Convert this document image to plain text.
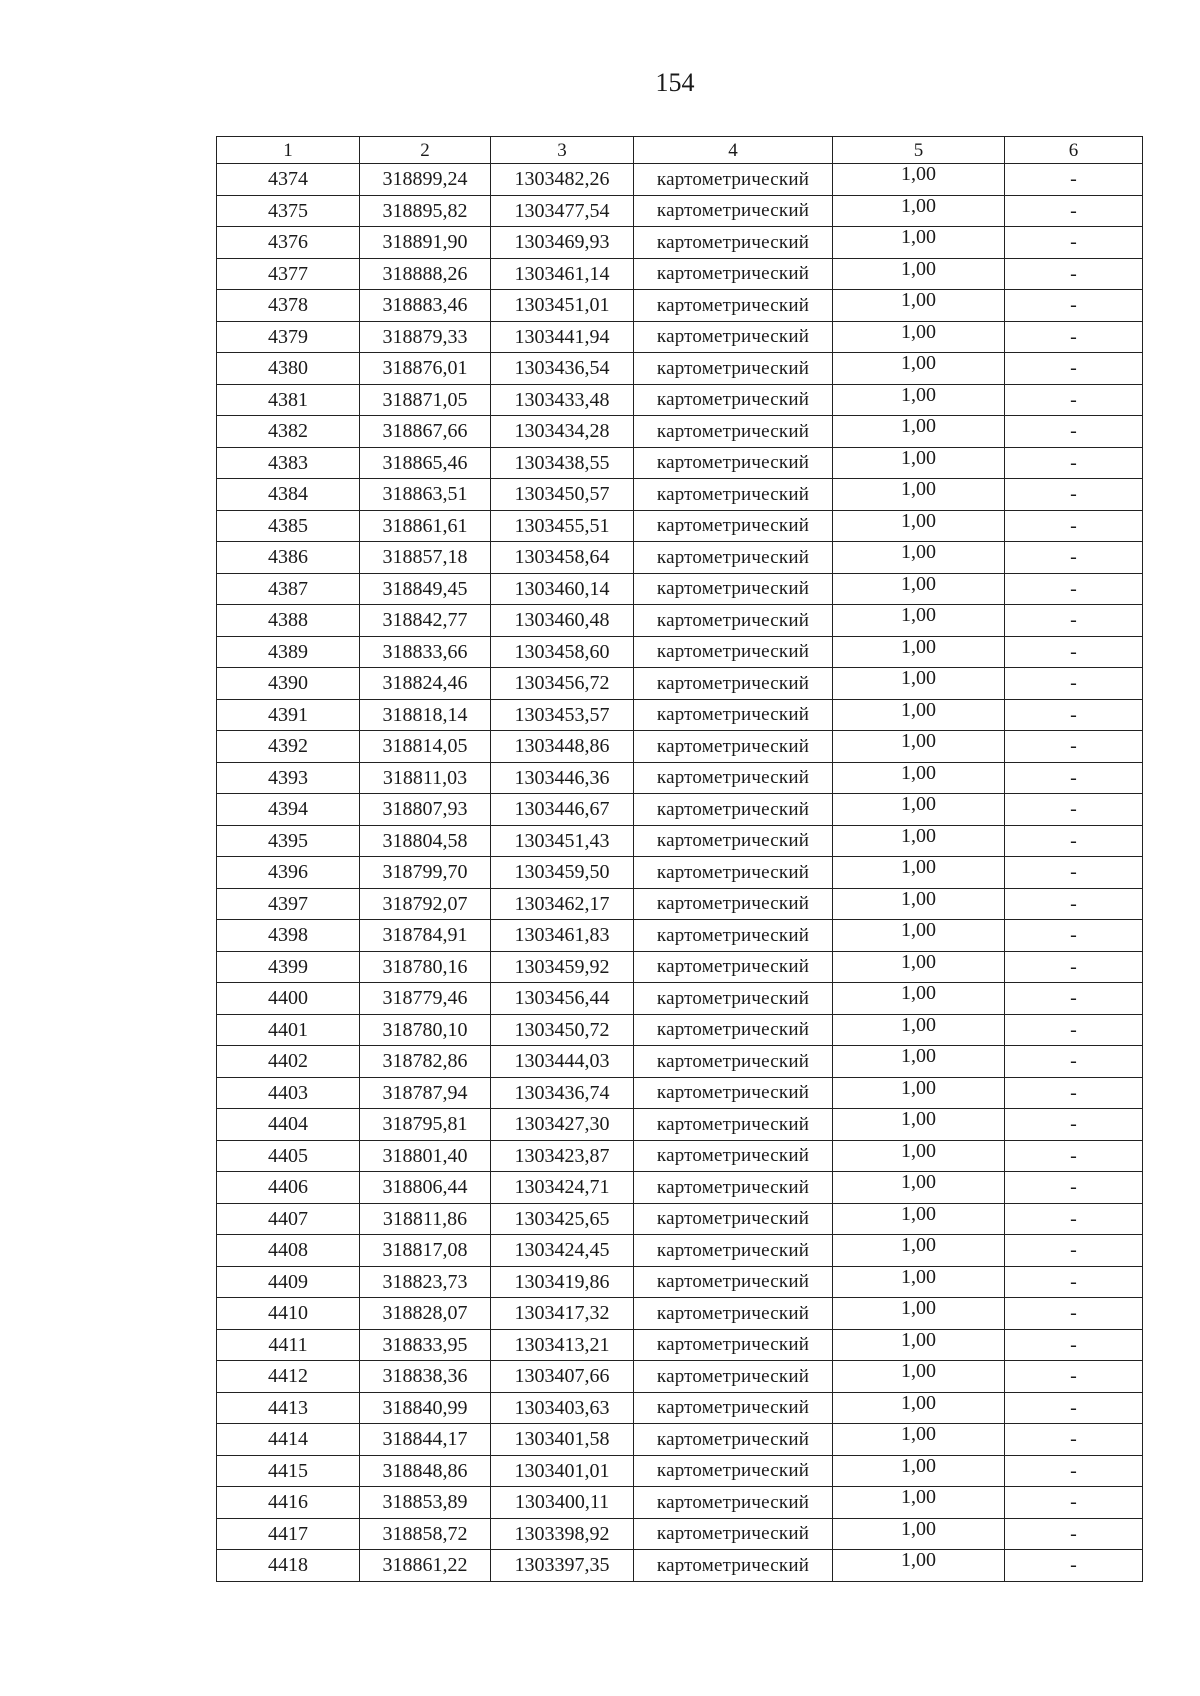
154
1	2	3	4	5	6
4374	318899,24	1303482,26	картометрический	1,00	-
4375	318895,82	1303477,54	картометрический	1,00	-
4376	318891,90	1303469,93	картометрический	1,00	-
4377	318888,26	1303461,14	картометрический	1,00	-
4378	318883,46	1303451,01	картометрический	1,00	-
4379	318879,33	1303441,94	картометрический	1,00	-
4380	318876,01	1303436,54	картометрический	1,00	-
4381	318871,05	1303433,48	картометрический	1,00	-
4382	318867,66	1303434,28	картометрический	1,00	-
4383	318865,46	1303438,55	картометрический	1,00	-
4384	318863,51	1303450,57	картометрический	1,00	-
4385	318861,61	1303455,51	картометрический	1,00	-
4386	318857,18	1303458,64	картометрический	1,00	-
4387	318849,45	1303460,14	картометрический	1,00	-
4388	318842,77	1303460,48	картометрический	1,00	-
4389	318833,66	1303458,60	картометрический	1,00	-
4390	318824,46	1303456,72	картометрический	1,00	-
4391	318818,14	1303453,57	картометрический	1,00	-
4392	318814,05	1303448,86	картометрический	1,00	-
4393	318811,03	1303446,36	картометрический	1,00	-
4394	318807,93	1303446,67	картометрический	1,00	-
4395	318804,58	1303451,43	картометрический	1,00	-
4396	318799,70	1303459,50	картометрический	1,00	-
4397	318792,07	1303462,17	картометрический	1,00	-
4398	318784,91	1303461,83	картометрический	1,00	-
4399	318780,16	1303459,92	картометрический	1,00	-
4400	318779,46	1303456,44	картометрический	1,00	-
4401	318780,10	1303450,72	картометрический	1,00	-
4402	318782,86	1303444,03	картометрический	1,00	-
4403	318787,94	1303436,74	картометрический	1,00	-
4404	318795,81	1303427,30	картометрический	1,00	-
4405	318801,40	1303423,87	картометрический	1,00	-
4406	318806,44	1303424,71	картометрический	1,00	-
4407	318811,86	1303425,65	картометрический	1,00	-
4408	318817,08	1303424,45	картометрический	1,00	-
4409	318823,73	1303419,86	картометрический	1,00	-
4410	318828,07	1303417,32	картометрический	1,00	-
4411	318833,95	1303413,21	картометрический	1,00	-
4412	318838,36	1303407,66	картометрический	1,00	-
4413	318840,99	1303403,63	картометрический	1,00	-
4414	318844,17	1303401,58	картометрический	1,00	-
4415	318848,86	1303401,01	картометрический	1,00	-
4416	318853,89	1303400,11	картометрический	1,00	-
4417	318858,72	1303398,92	картометрический	1,00	-
4418	318861,22	1303397,35	картометрический	1,00	-
